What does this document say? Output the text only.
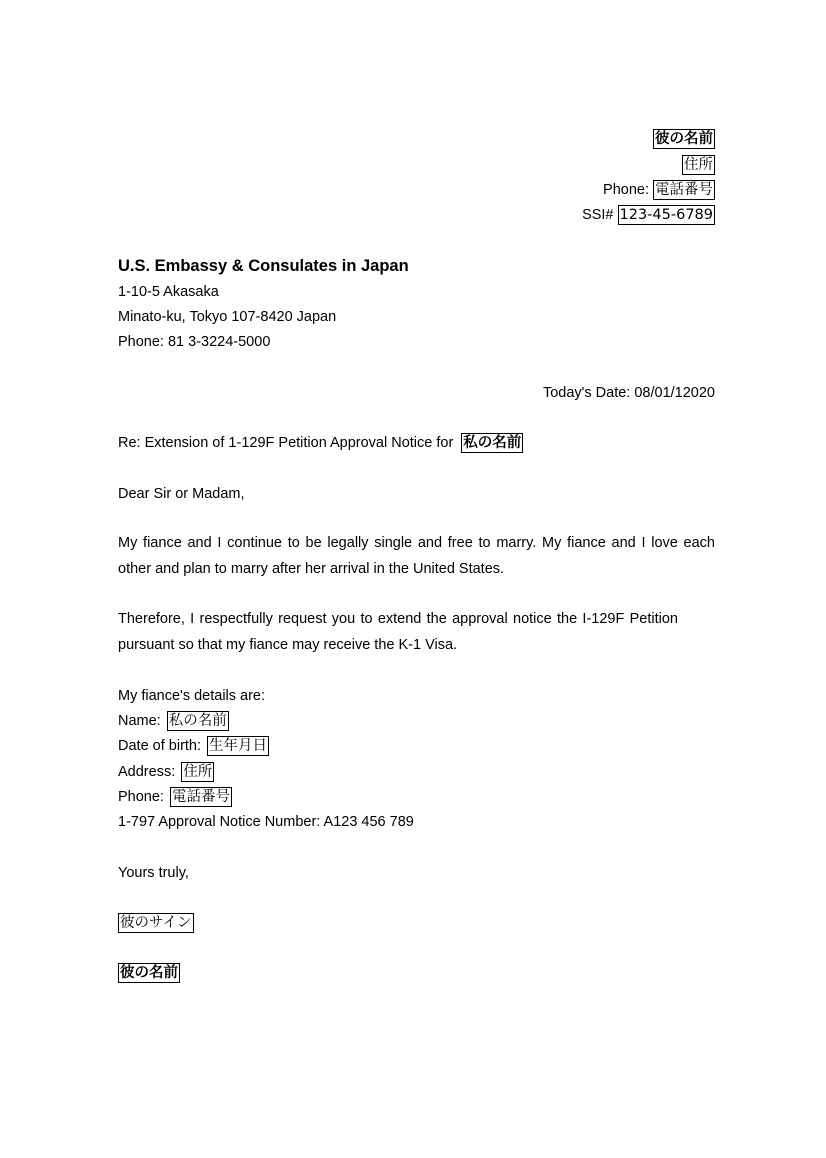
彼の名前
住所
Phone: 電話番号
SSI# 123-45-6789
U.S. Embassy & Consulates in Japan
1-10-5 Akasaka
Minato-ku, Tokyo 107-8420 Japan
Phone: 81 3-3224-5000
Today's Date: 08/01/12020
Re: Extension of 1-129F Petition Approval Notice for 私の名前
Dear Sir or Madam,
My fiance and I continue to be legally single and free to marry. My fiance and I love each other and plan to marry after her arrival in the United States.
Therefore, I respectfully request you to extend the approval notice the I-129F Petition pursuant so that my fiance may receive the K-1 Visa.
My fiance's details are:
Name: 私の名前
Date of birth: 生年月日
Address: 住所
Phone: 電話番号
1-797 Approval Notice Number: A123 456 789
Yours truly,
彼のサイン
彼の名前
